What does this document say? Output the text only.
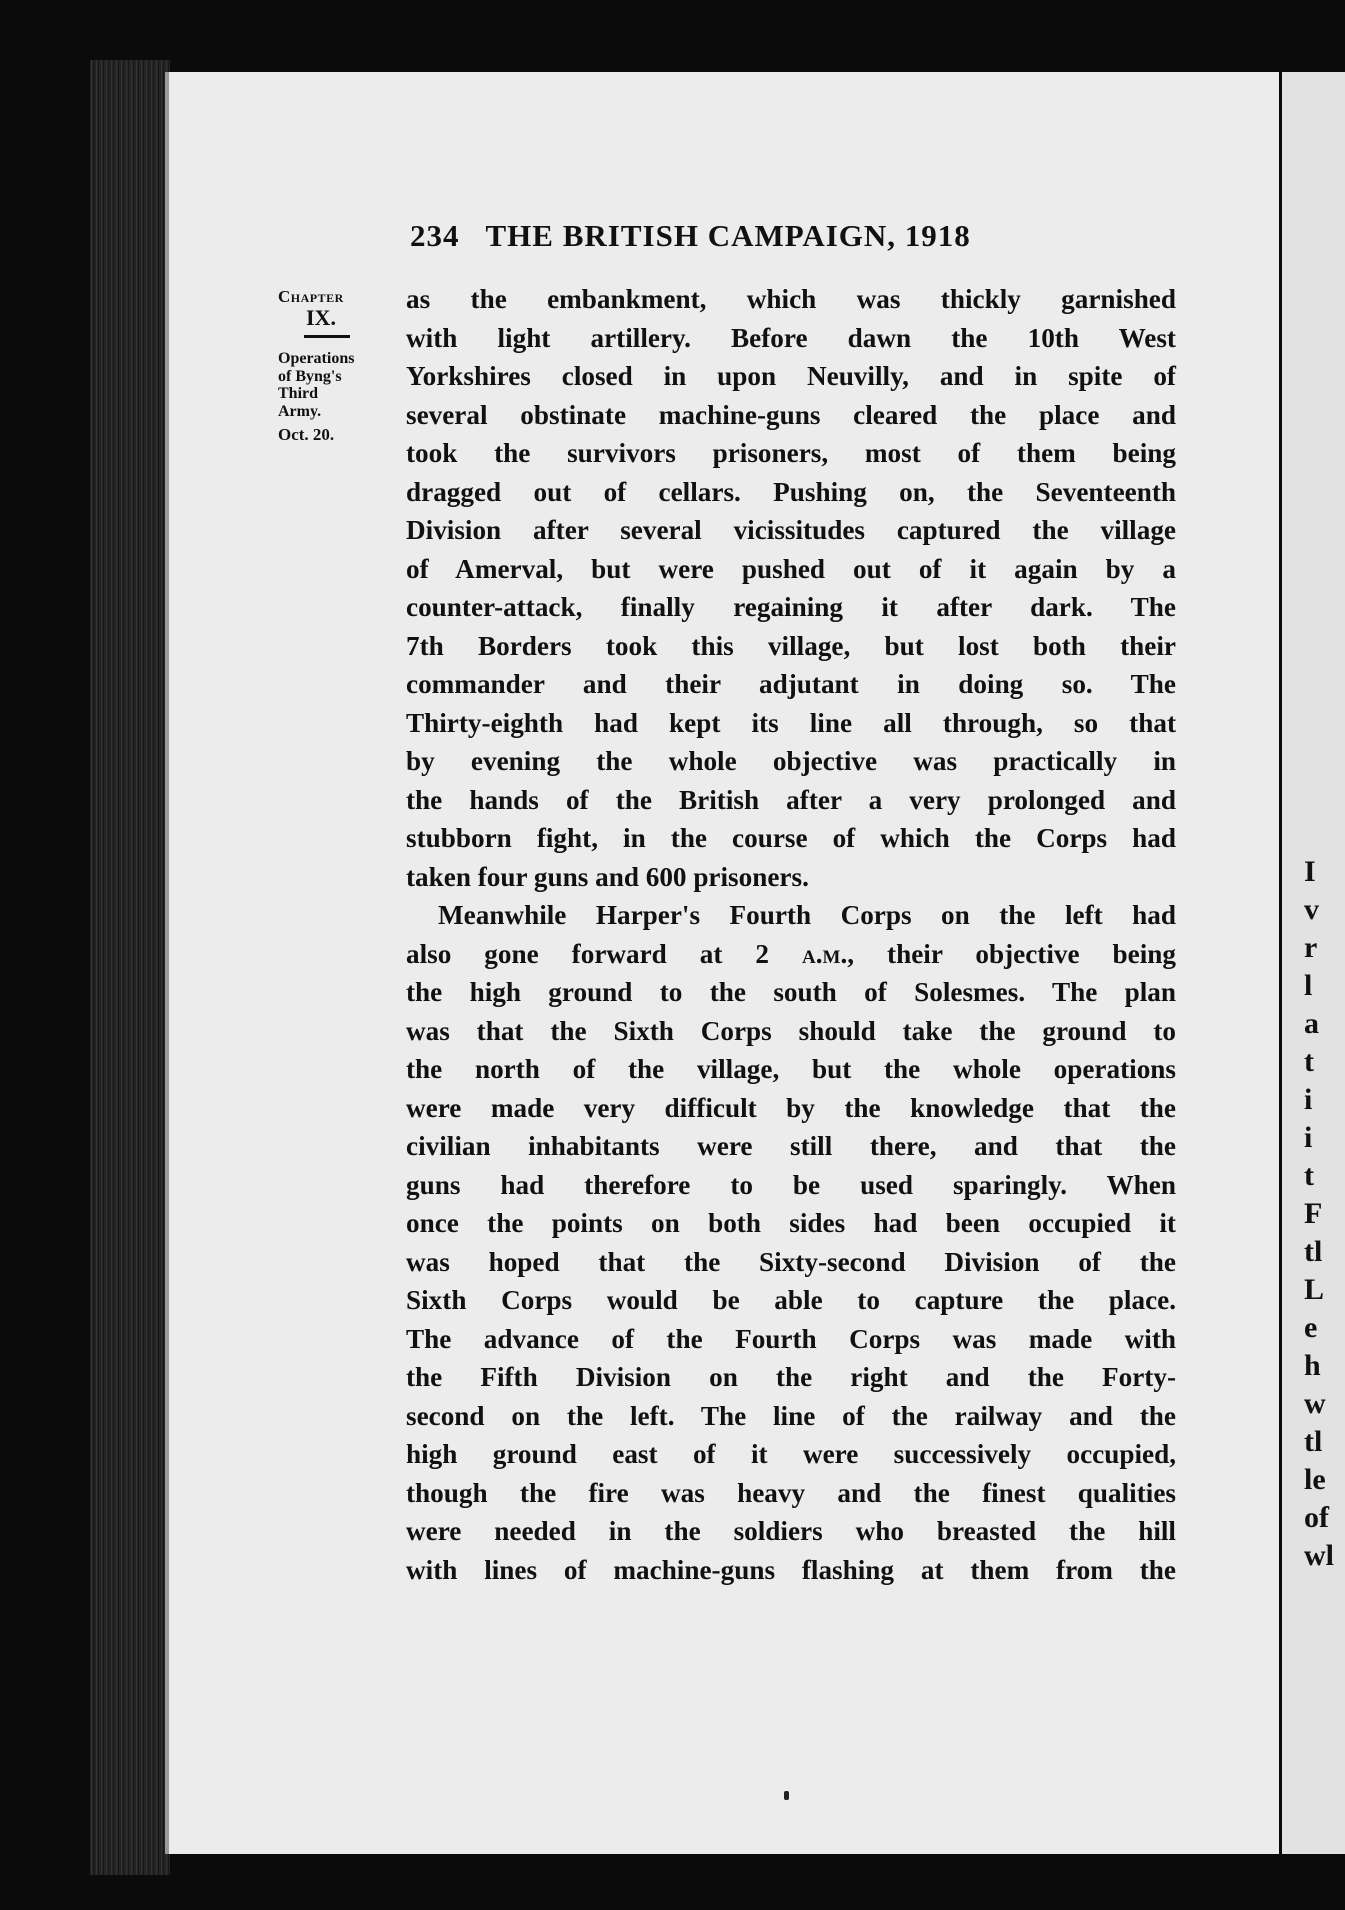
I
v
r
l
a
t
i
i
t
F
tl
L
e
h
w
tl
le
of
wl
234 THE BRITISH CAMPAIGN, 1918
Chapter
IX.
Operations
of Byng's
Third
Army.
Oct. 20.
as the embankment, which was thickly garnished
with light artillery. Before dawn the 10th West
Yorkshires closed in upon Neuvilly, and in spite of
several obstinate machine-guns cleared the place and
took the survivors prisoners, most of them being
dragged out of cellars. Pushing on, the Seventeenth
Division after several vicissitudes captured the village
of Amerval, but were pushed out of it again by a
counter-attack, finally regaining it after dark. The
7th Borders took this village, but lost both their
commander and their adjutant in doing so. The
Thirty-eighth had kept its line all through, so that
by evening the whole objective was practically in
the hands of the British after a very prolonged and
stubborn fight, in the course of which the Corps had
taken four guns and 600 prisoners.
Meanwhile Harper's Fourth Corps on the left had
also gone forward at 2 a.m., their objective being
the high ground to the south of Solesmes. The plan
was that the Sixth Corps should take the ground to
the north of the village, but the whole operations
were made very difficult by the knowledge that the
civilian inhabitants were still there, and that the
guns had therefore to be used sparingly. When
once the points on both sides had been occupied it
was hoped that the Sixty-second Division of the
Sixth Corps would be able to capture the place.
The advance of the Fourth Corps was made with
the Fifth Division on the right and the Forty-
second on the left. The line of the railway and the
high ground east of it were successively occupied,
though the fire was heavy and the finest qualities
were needed in the soldiers who breasted the hill
with lines of machine-guns flashing at them from the
